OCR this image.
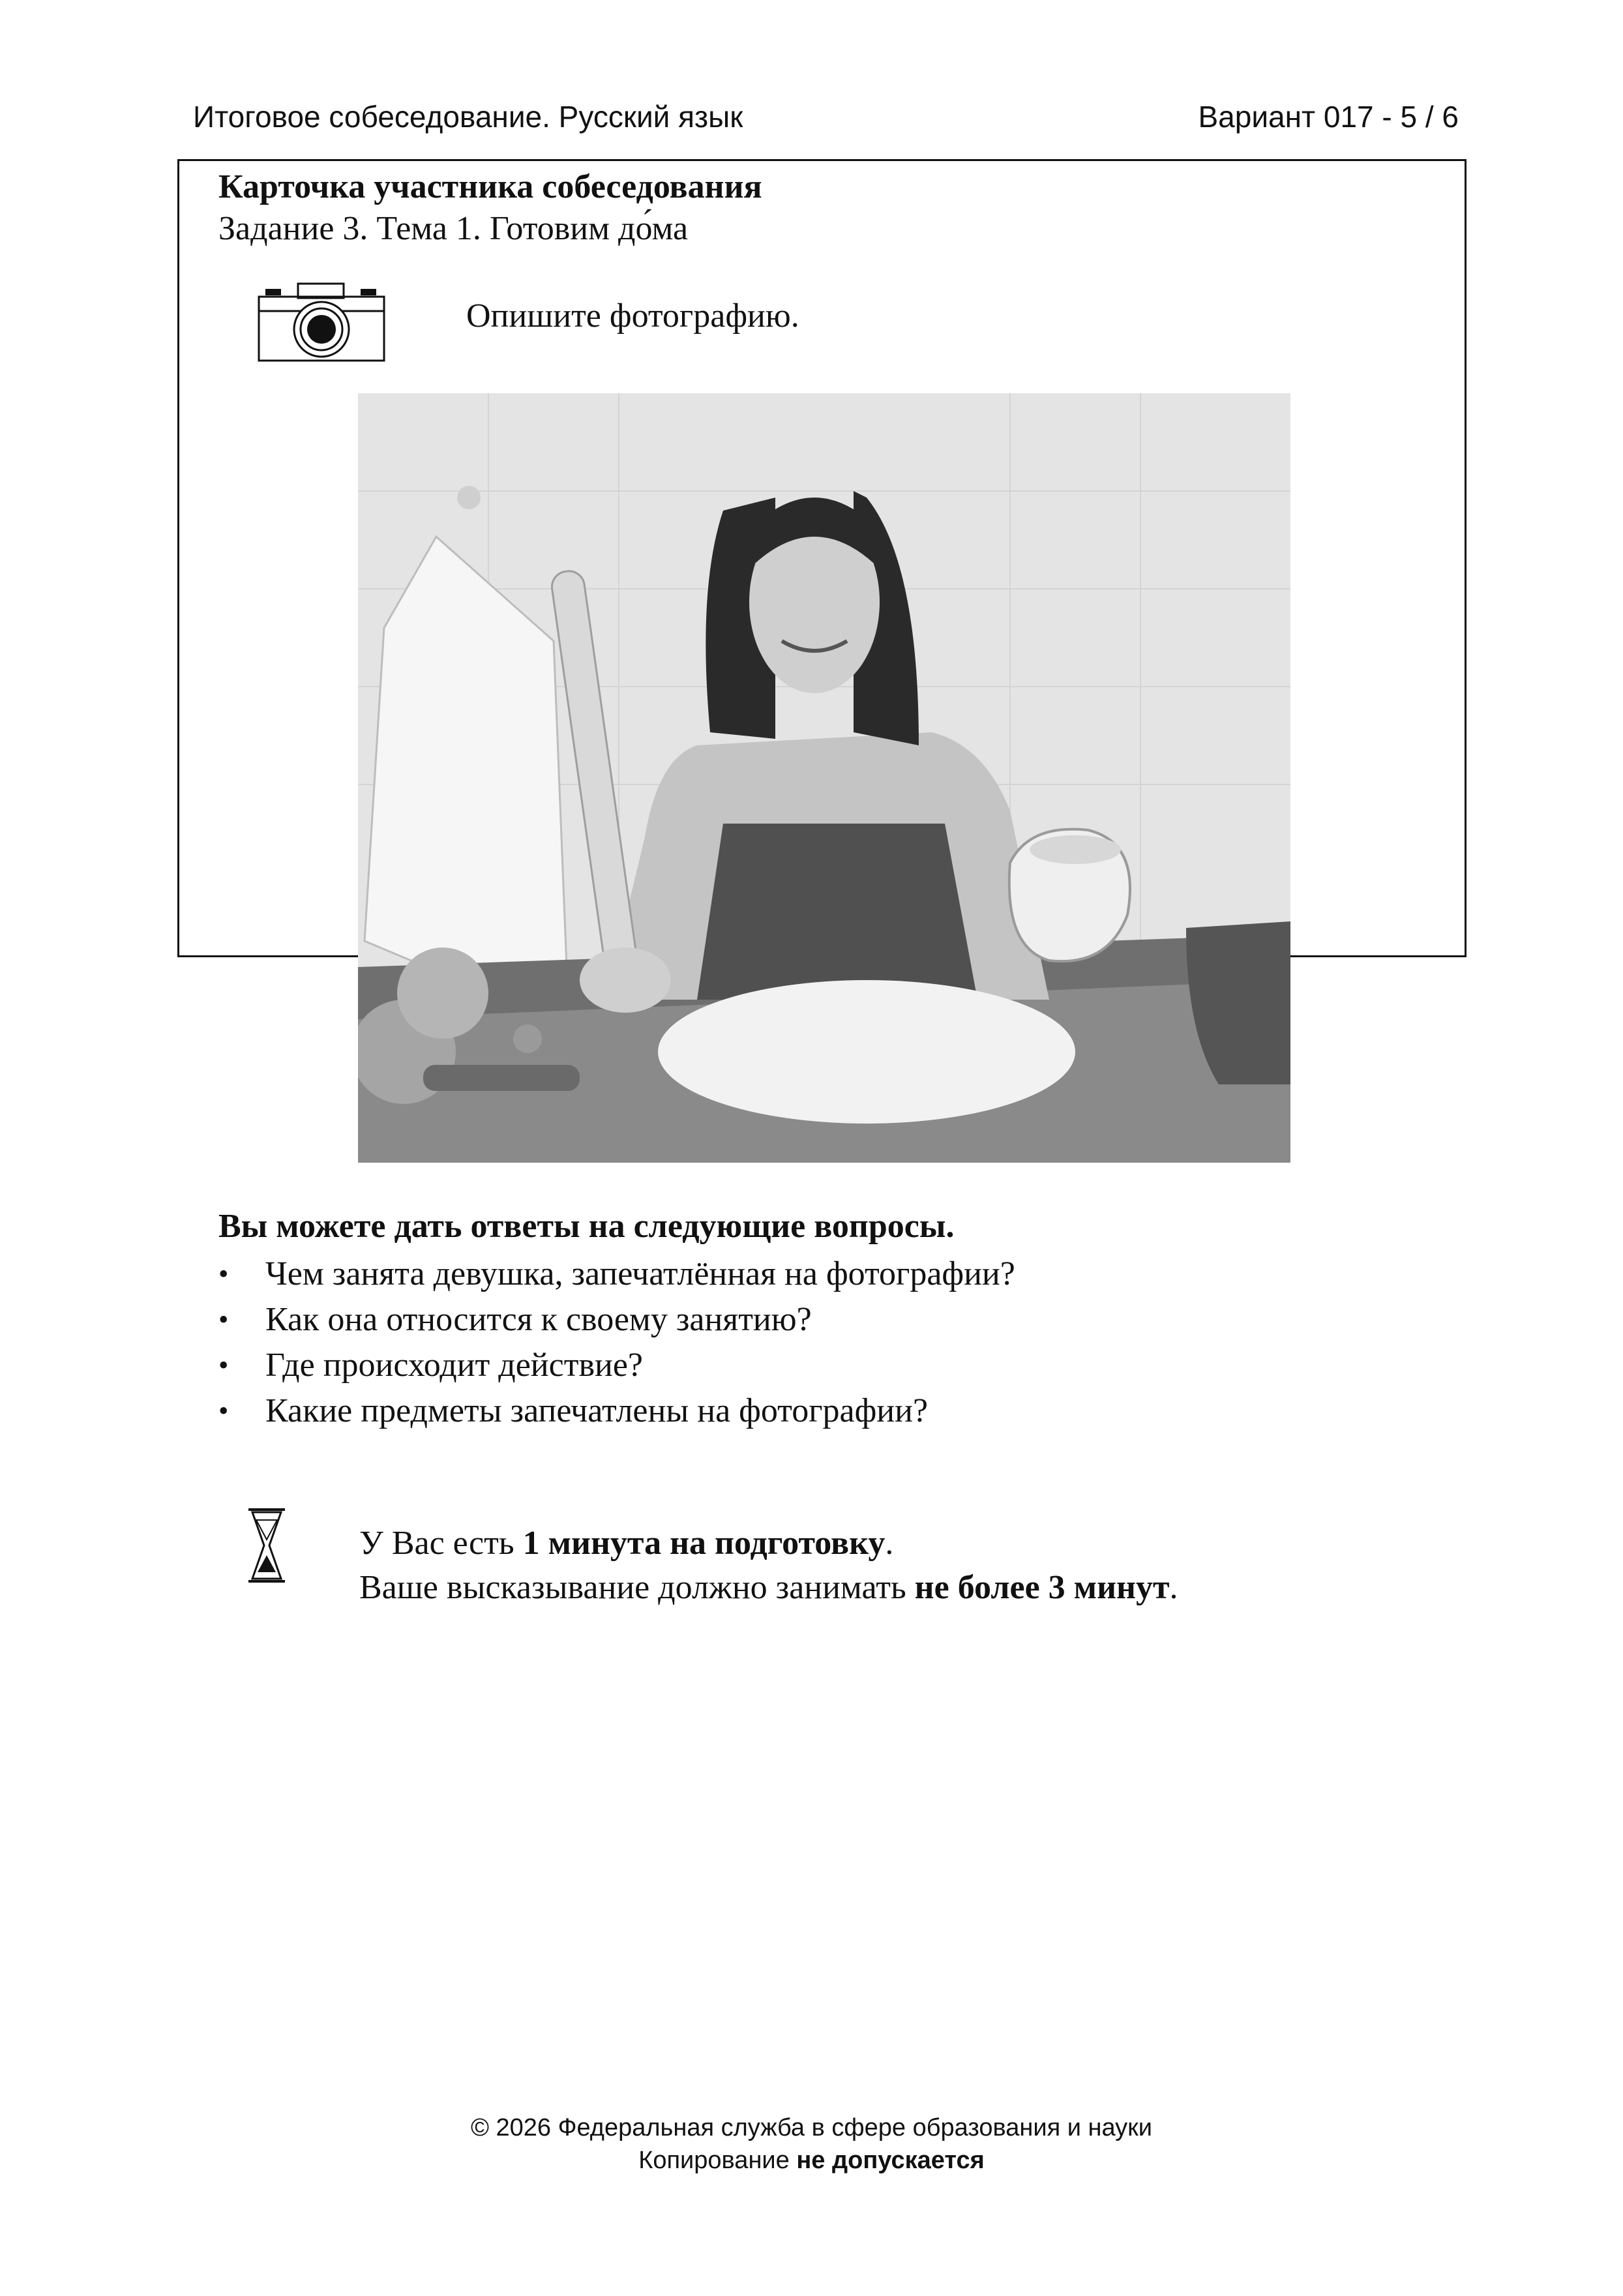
Итоговое собеседование. Русский язык	Вариант 017 - 5 / 6
Карточка участника собеседования
Задание 3. Тема 1. Готовим до́ма
Опишите фотографию.
Вы можете дать ответы на следующие вопросы.
• Чем занята девушка, запечатлённая на фотографии?
• Как она относится к своему занятию?
• Где происходит действие?
• Какие предметы запечатлены на фотографии?
У Вас есть 1 минута на подготовку.
Ваше высказывание должно занимать не более 3 минут.
© 2026 Федеральная служба в сфере образования и науки
Копирование не допускается
